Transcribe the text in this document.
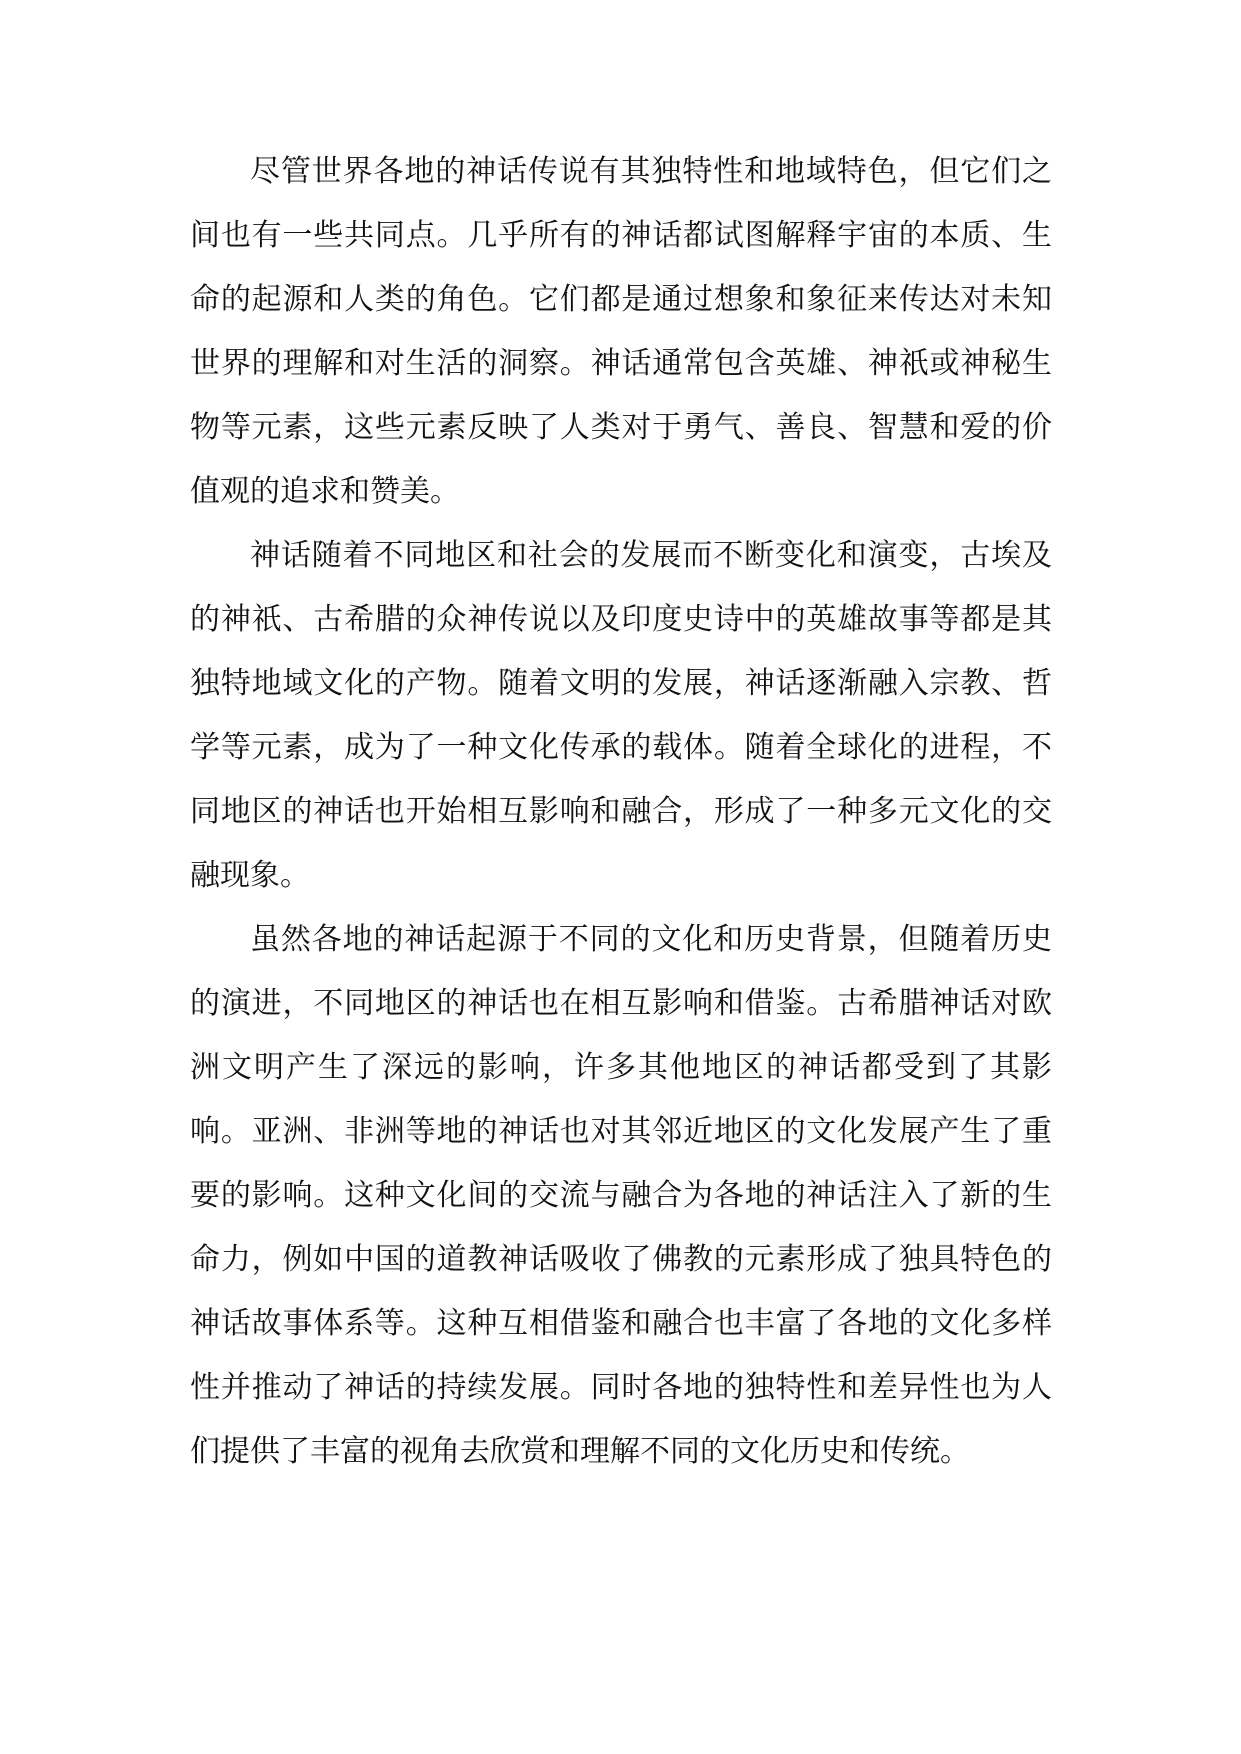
尽管世界各地的神话传说有其独特性和地域特色，但它们之间也有一些共同点。几乎所有的神话都试图解释宇宙的本质、生命的起源和人类的角色。它们都是通过想象和象征来传达对未知世界的理解和对生活的洞察。神话通常包含英雄、神祇或神秘生物等元素，这些元素反映了人类对于勇气、善良、智慧和爱的价值观的追求和赞美。

神话随着不同地区和社会的发展而不断变化和演变，古埃及的神祇、古希腊的众神传说以及印度史诗中的英雄故事等都是其独特地域文化的产物。随着文明的发展，神话逐渐融入宗教、哲学等元素，成为了一种文化传承的载体。随着全球化的进程，不同地区的神话也开始相互影响和融合，形成了一种多元文化的交融现象。

虽然各地的神话起源于不同的文化和历史背景，但随着历史的演进，不同地区的神话也在相互影响和借鉴。古希腊神话对欧洲文明产生了深远的影响，许多其他地区的神话都受到了其影响。亚洲、非洲等地的神话也对其邻近地区的文化发展产生了重要的影响。这种文化间的交流与融合为各地的神话注入了新的生命力，例如中国的道教神话吸收了佛教的元素形成了独具特色的神话故事体系等。这种互相借鉴和融合也丰富了各地的文化多样性并推动了神话的持续发展。同时各地的独特性和差异性也为人们提供了丰富的视角去欣赏和理解不同的文化历史和传统。
